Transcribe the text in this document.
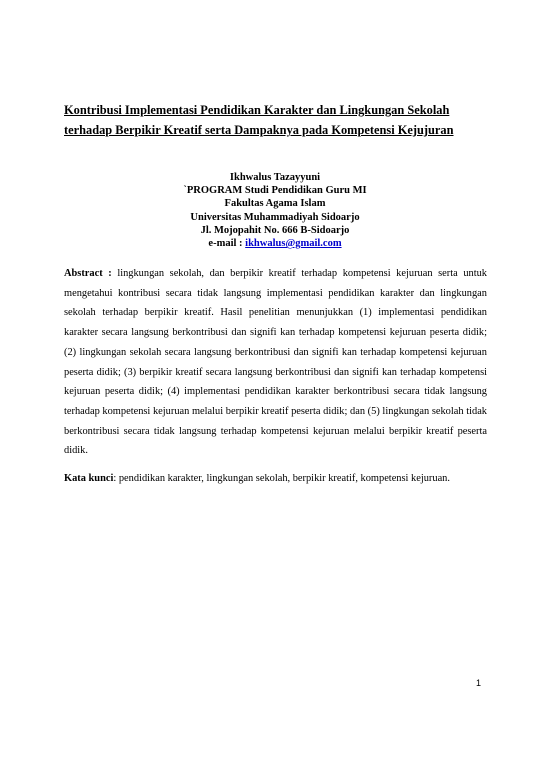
Kontribusi Implementasi Pendidikan Karakter dan Lingkungan Sekolah
terhadap Berpikir Kreatif serta Dampaknya pada Kompetensi Kejujuran
Ikhwalus Tazayyuni
`PROGRAM Studi Pendidikan Guru MI
Fakultas Agama Islam
Universitas Muhammadiyah Sidoarjo
Jl. Mojopahit No. 666 B-Sidoarjo
e-mail : ikhwalus@gmail.com
Abstract : lingkungan sekolah, dan berpikir kreatif terhadap kompetensi kejuruan serta untuk mengetahui kontribusi secara tidak langsung implementasi pendidikan karakter dan lingkungan sekolah terhadap berpikir kreatif. Hasil penelitian menunjukkan (1) implementasi pendidikan karakter secara langsung berkontribusi dan signifi kan terhadap kompetensi kejuruan peserta didik; (2) lingkungan sekolah secara langsung berkontribusi dan signifi kan terhadap kompetensi kejuruan peserta didik; (3) berpikir kreatif secara langsung berkontribusi dan signifi kan terhadap kompetensi kejuruan peserta didik; (4) implementasi pendidikan karakter berkontribusi secara tidak langsung terhadap kompetensi kejuruan melalui berpikir kreatif peserta didik; dan (5) lingkungan sekolah tidak berkontribusi secara tidak langsung terhadap kompetensi kejuruan melalui berpikir kreatif peserta didik.
Kata kunci: pendidikan karakter, lingkungan sekolah, berpikir kreatif, kompetensi kejuruan.
1
